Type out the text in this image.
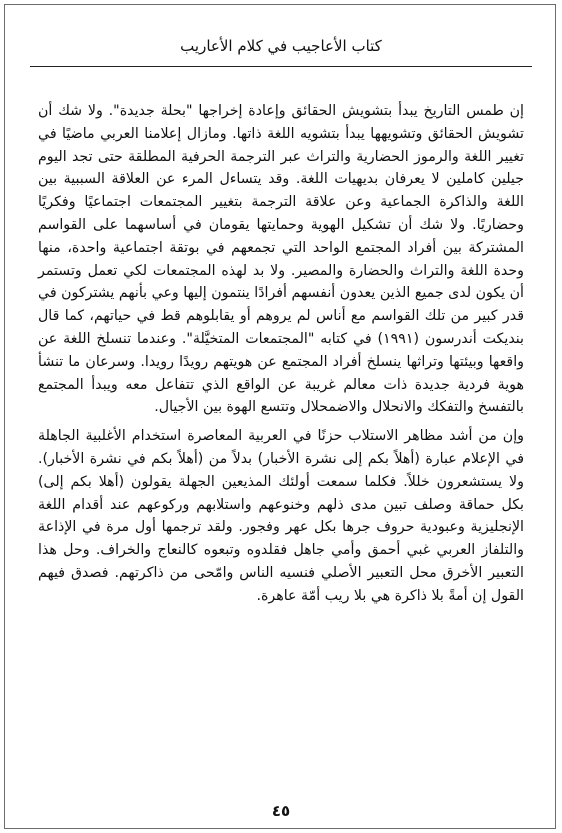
كتاب الأعاجيب في كلام الأعاريب

إن طمس التاريخ يبدأ بتشويش الحقائق وإعادة إخراجها "بحلة جديدة". ولا شك أن تشويش الحقائق وتشويهها يبدأ بتشويه اللغة ذاتها. ومازال إعلامنا العربي ماضيًا في تغيير اللغة والرموز الحضارية والتراث عبر الترجمة الحرفية المطلقة حتى تجد اليوم جيلين كاملين لا يعرفان بديهيات اللغة. وقد يتساءل المرء عن العلاقة السببية بين اللغة والذاكرة الجماعية وعن علاقة الترجمة بتغيير المجتمعات اجتماعيًا وفكريًا وحضاريًا. ولا شك أن تشكيل الهوية وحمايتها يقومان في أساسهما على القواسم المشتركة بين أفراد المجتمع الواحد التي تجمعهم في بوتقة اجتماعية واحدة، منها وحدة اللغة والتراث والحضارة والمصير. ولا بد لهذه المجتمعات لكي تعمل وتستمر أن يكون لدى جميع الذين يعدون أنفسهم أفرادًا ينتمون إليها وعي بأنهم يشتركون في قدر كبير من تلك القواسم مع أناس لم يروهم أو يقابلوهم قط في حياتهم، كما قال بنديكت أندرسون (١٩٩١) في كتابه "المجتمعات المتخيَّلة". وعندما تنسلخ اللغة عن واقعها وبيئتها وتراثها ينسلخ أفراد المجتمع عن هويتهم رويدًا رويدا. وسرعان ما تنشأ هوية فردية جديدة ذات معالم غريبة عن الواقع الذي تتفاعل معه ويبدأ المجتمع بالتفسخ والتفكك والانحلال والاضمحلال وتتسع الهوة بين الأجيال.

وإن من أشد مظاهر الاستلاب حزنًا في العربية المعاصرة استخدام الأغلبية الجاهلة في الإعلام عبارة (أهلاً بكم إلى نشرة الأخبار) بدلاً من (أهلاً بكم في نشرة الأخبار). ولا يستشعرون خللاً. فكلما سمعت أولئك المذيعين الجهلة يقولون (أهلا بكم إلى) بكل حماقة وصلف تبين مدى ذلهم وخنوعهم واستلابهم وركوعهم عند أقدام اللغة الإنجليزية وعبودية حروف جرها بكل عهر وفجور. ولقد ترجمها أول مرة في الإذاعة والتلفاز العربي غبي أحمق وأمي جاهل فقلدوه وتبعوه كالنعاج والخراف. وحل هذا التعبير الأخرق محل التعبير الأصلي فنسيه الناس وامّحى من ذاكرتهم. فصدق فيهم القول إن أمةً بلا ذاكرة هي بلا ريب أمّة عاهرة.

٤٥
